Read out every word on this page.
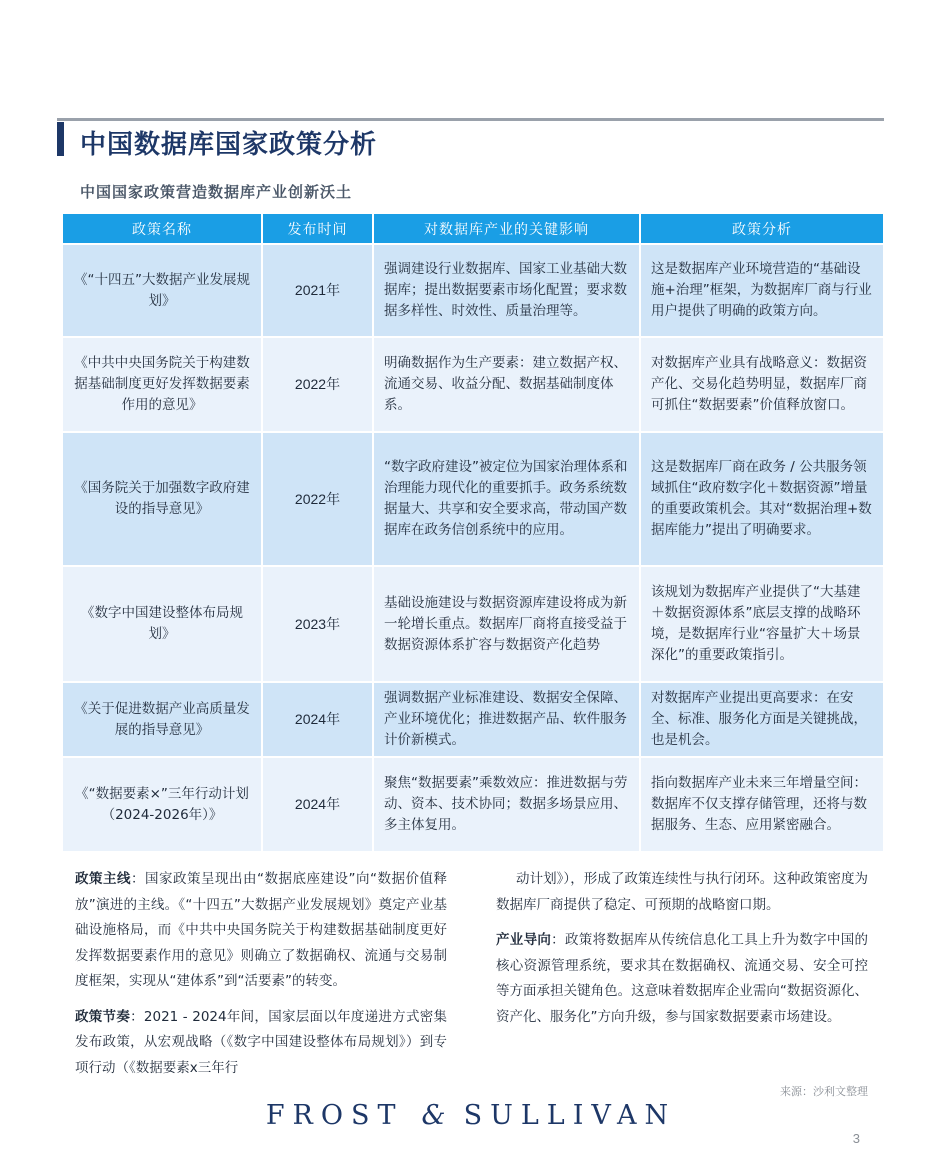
中国数据库国家政策分析
中国国家政策营造数据库产业创新沃土
政策名称	发布时间	对数据库产业的关键影响	政策分析
《“十四五”大数据产业发展规划》	2021年	强调建设行业数据库、国家工业基础大数据库；提出数据要素市场化配置；要求数据多样性、时效性、质量治理等。	这是数据库产业环境营造的“基础设施+治理”框架，为数据库厂商与行业用户提供了明确的政策方向。
《中共中央国务院关于构建数据基础制度更好发挥数据要素作用的意见》	2022年	明确数据作为生产要素：建立数据产权、流通交易、收益分配、数据基础制度体系。	对数据库产业具有战略意义：数据资产化、交易化趋势明显，数据库厂商可抓住“数据要素”价值释放窗口。
《国务院关于加强数字政府建设的指导意见》	2022年	“数字政府建设”被定位为国家治理体系和治理能力现代化的重要抓手。政务系统数据量大、共享和安全要求高，带动国产数据库在政务信创系统中的应用。	这是数据库厂商在政务 / 公共服务领域抓住“政府数字化＋数据资源”增量的重要政策机会。其对“数据治理+数据库能力”提出了明确要求。
《数字中国建设整体布局规划》	2023年	基础设施建设与数据资源库建设将成为新一轮增长重点。数据库厂商将直接受益于数据资源体系扩容与数据资产化趋势	该规划为数据库产业提供了“大基建＋数据资源体系”底层支撑的战略环境，是数据库行业“容量扩大＋场景深化”的重要政策指引。
《关于促进数据产业高质量发展的指导意见》	2024年	强调数据产业标准建设、数据安全保障、产业环境优化；推进数据产品、软件服务计价新模式。	对数据库产业提出更高要求：在安全、标准、服务化方面是关键挑战，也是机会。
《“数据要素×”三年行动计划（2024-2026年）》	2024年	聚焦“数据要素”乘数效应：推进数据与劳动、资本、技术协同；数据多场景应用、多主体复用。	指向数据库产业未来三年增量空间：数据库不仅支撑存储管理，还将与数据服务、生态、应用紧密融合。

政策主线：国家政策呈现出由“数据底座建设”向“数据价值释放”演进的主线。《“十四五”大数据产业发展规划》奠定产业基础设施格局，而《中共中央国务院关于构建数据基础制度更好发挥数据要素作用的意见》则确立了数据确权、流通与交易制度框架，实现从“建体系”到“活要素”的转变。

政策节奏：2021 - 2024年间，国家层面以年度递进方式密集发布政策，从宏观战略（《数字中国建设整体布局规划》）到专项行动（《数据要素x三年行

动计划》），形成了政策连续性与执行闭环。这种政策密度为数据库厂商提供了稳定、可预期的战略窗口期。

产业导向：政策将数据库从传统信息化工具上升为数字中国的核心资源管理系统，要求其在数据确权、流通交易、安全可控等方面承担关键角色。这意味着数据库企业需向“数据资源化、资产化、服务化”方向升级，参与国家数据要素市场建设。

来源：沙利文整理
FROST & SULLIVAN
3
